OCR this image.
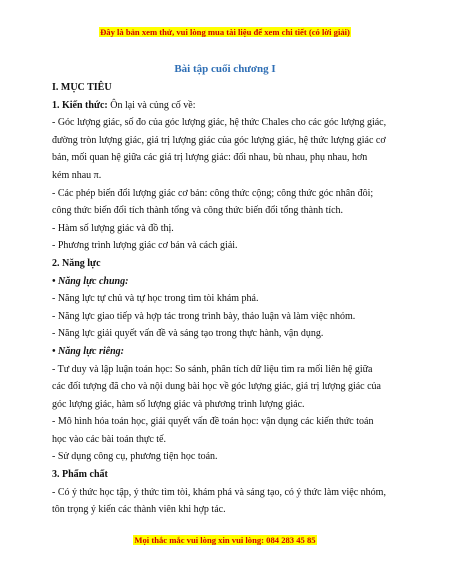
Đây là bản xem thử, vui lòng mua tài liệu để xem chi tiết (có lời giải)
Bài tập cuối chương I

I. MỤC TIÊU

1. Kiến thức: Ôn lại và củng cố về:

- Góc lượng giác, số đo của góc lượng giác, hệ thức Chales cho các góc lượng giác,

đường tròn lượng giác, giá trị lượng giác của góc lượng giác, hệ thức lượng giác cơ

bản, mối quan hệ giữa các giá trị lượng giác: đối nhau, bù nhau, phụ nhau, hơn

kém nhau π.

- Các phép biến đổi lượng giác cơ bản: công thức cộng; công thức góc nhân đôi;

công thức biến đổi tích thành tổng và công thức biến đổi tổng thành tích.

- Hàm số lượng giác và đồ thị.

- Phương trình lượng giác cơ bản và cách giải.

2. Năng lực

• Năng lực chung:

- Năng lực tự chủ và tự học trong tìm tòi khám phá.

- Năng lực giao tiếp và hợp tác trong trình bày, thảo luận và làm việc nhóm.

- Năng lực giải quyết vấn đề và sáng tạo trong thực hành, vận dụng.

• Năng lực riêng:

- Tư duy và lập luận toán học: So sánh, phân tích dữ liệu tìm ra mối liên hệ giữa

các đối tượng đã cho và nội dung bài học về góc lượng giác, giá trị lượng giác của

góc lượng giác, hàm số lượng giác và phương trình lượng giác.

- Mô hình hóa toán học, giải quyết vấn đề toán học: vận dụng các kiến thức toán

học vào các bài toán thực tế.

- Sử dụng công cụ, phương tiện học toán.

3. Phẩm chất

- Có ý thức học tập, ý thức tìm tòi, khám phá và sáng tạo, có ý thức làm việc nhóm,

tôn trọng ý kiến các thành viên khi hợp tác.

Mọi thắc mắc vui lòng xin vui lòng: 084 283 45 85
